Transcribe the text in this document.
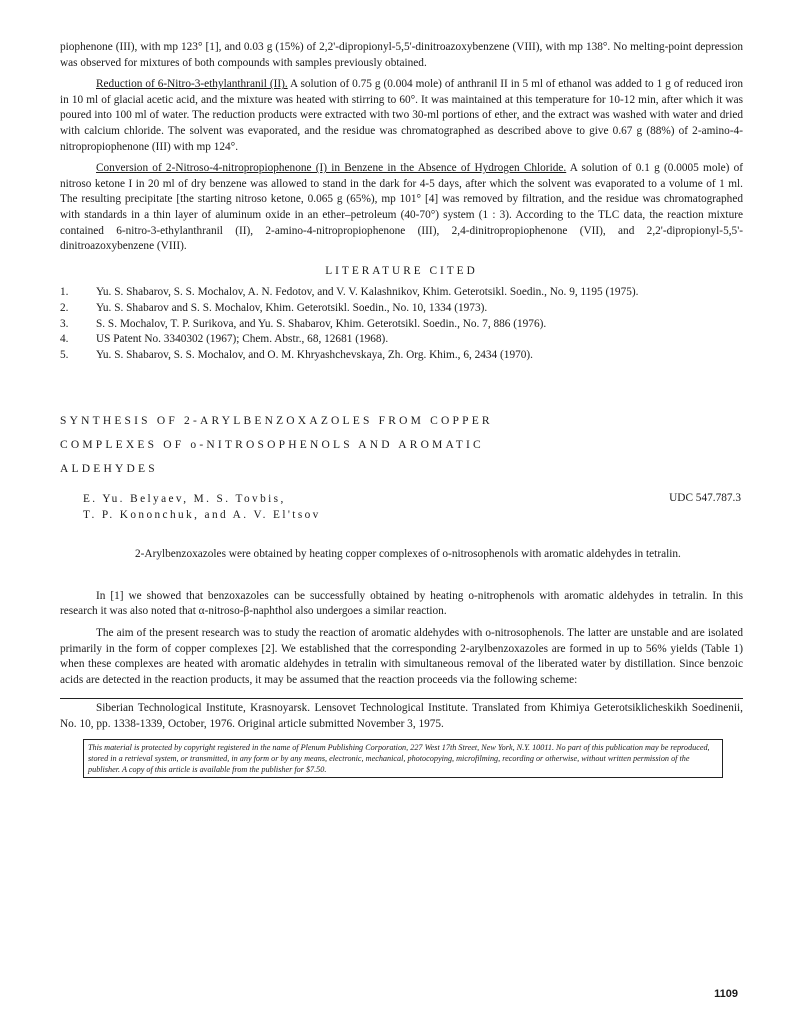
piophenone (III), with mp 123° [1], and 0.03 g (15%) of 2,2'-dipropionyl-5,5'-dinitroazoxybenzene (VIII), with mp 138°. No melting-point depression was observed for mixtures of both compounds with samples previously obtained.

Reduction of 6-Nitro-3-ethylanthranil (II). A solution of 0.75 g (0.004 mole) of anthranil II in 5 ml of ethanol was added to 1 g of reduced iron in 10 ml of glacial acetic acid, and the mixture was heated with stirring to 60°. It was maintained at this temperature for 10-12 min, after which it was poured into 100 ml of water. The reduction products were extracted with two 30-ml portions of ether, and the extract was washed with water and dried with calcium chloride. The solvent was evaporated, and the residue was chromatographed as described above to give 0.67 g (88%) of 2-amino-4-nitropropiophenone (III) with mp 124°.

Conversion of 2-Nitroso-4-nitropropiophenone (I) in Benzene in the Absence of Hydrogen Chloride. A solution of 0.1 g (0.0005 mole) of nitroso ketone I in 20 ml of dry benzene was allowed to stand in the dark for 4-5 days, after which the solvent was evaporated to a volume of 1 ml. The resulting precipitate [the starting nitroso ketone, 0.065 g (65%), mp 101° [4] was removed by filtration, and the residue was chromatographed with standards in a thin layer of aluminum oxide in an ether–petroleum (40-70°) system (1 : 3). According to the TLC data, the reaction mixture contained 6-nitro-3-ethylanthranil (II), 2-amino-4-nitropropiophenone (III), 2,4-dinitropropiophenone (VII), and 2,2'-dipropionyl-5,5'-dinitroazoxybenzene (VIII).

LITERATURE CITED
1.	Yu. S. Shabarov, S. S. Mochalov, A. N. Fedotov, and V. V. Kalashnikov, Khim. Geterotsikl. Soedin., No. 9, 1195 (1975).
2.	Yu. S. Shabarov and S. S. Mochalov, Khim. Geterotsikl. Soedin., No. 10, 1334 (1973).
3.	S. S. Mochalov, T. P. Surikova, and Yu. S. Shabarov, Khim. Geterotsikl. Soedin., No. 7, 886 (1976).
4.	US Patent No. 3340302 (1967); Chem. Abstr., 68, 12681 (1968).
5.	Yu. S. Shabarov, S. S. Mochalov, and O. M. Khryashchevskaya, Zh. Org. Khim., 6, 2434 (1970).
SYNTHESIS OF 2-ARYLBENZOXAZOLES FROM COPPER
COMPLEXES OF o-NITROSOPHENOLS AND AROMATIC
ALDEHYDES
E. Yu. Belyaev, M. S. Tovbis,
T. P. Kononchuk, and A. V. El'tsov
UDC 547.787.3

2-Arylbenzoxazoles were obtained by heating copper complexes of o-nitrosophenols with aromatic aldehydes in tetralin.

In [1] we showed that benzoxazoles can be successfully obtained by heating o-nitrophenols with aromatic aldehydes in tetralin. In this research it was also noted that α-nitroso-β-naphthol also undergoes a similar reaction.

The aim of the present research was to study the reaction of aromatic aldehydes with o-nitrosophenols. The latter are unstable and are isolated primarily in the form of copper complexes [2]. We established that the corresponding 2-arylbenzoxazoles are formed in up to 56% yields (Table 1) when these complexes are heated with aromatic aldehydes in tetralin with simultaneous removal of the liberated water by distillation. Since benzoic acids are detected in the reaction products, it may be assumed that the reaction proceeds via the following scheme:

Siberian Technological Institute, Krasnoyarsk. Lensovet Technological Institute. Translated from Khimiya Geterotsiklicheskikh Soedinenii, No. 10, pp. 1338-1339, October, 1976. Original article submitted November 3, 1975.

This material is protected by copyright registered in the name of Plenum Publishing Corporation, 227 West 17th Street, New York, N.Y. 10011. No part of this publication may be reproduced, stored in a retrieval system, or transmitted, in any form or by any means, electronic, mechanical, photocopying, microfilming, recording or otherwise, without written permission of the publisher. A copy of this article is available from the publisher for $7.50.
1109
